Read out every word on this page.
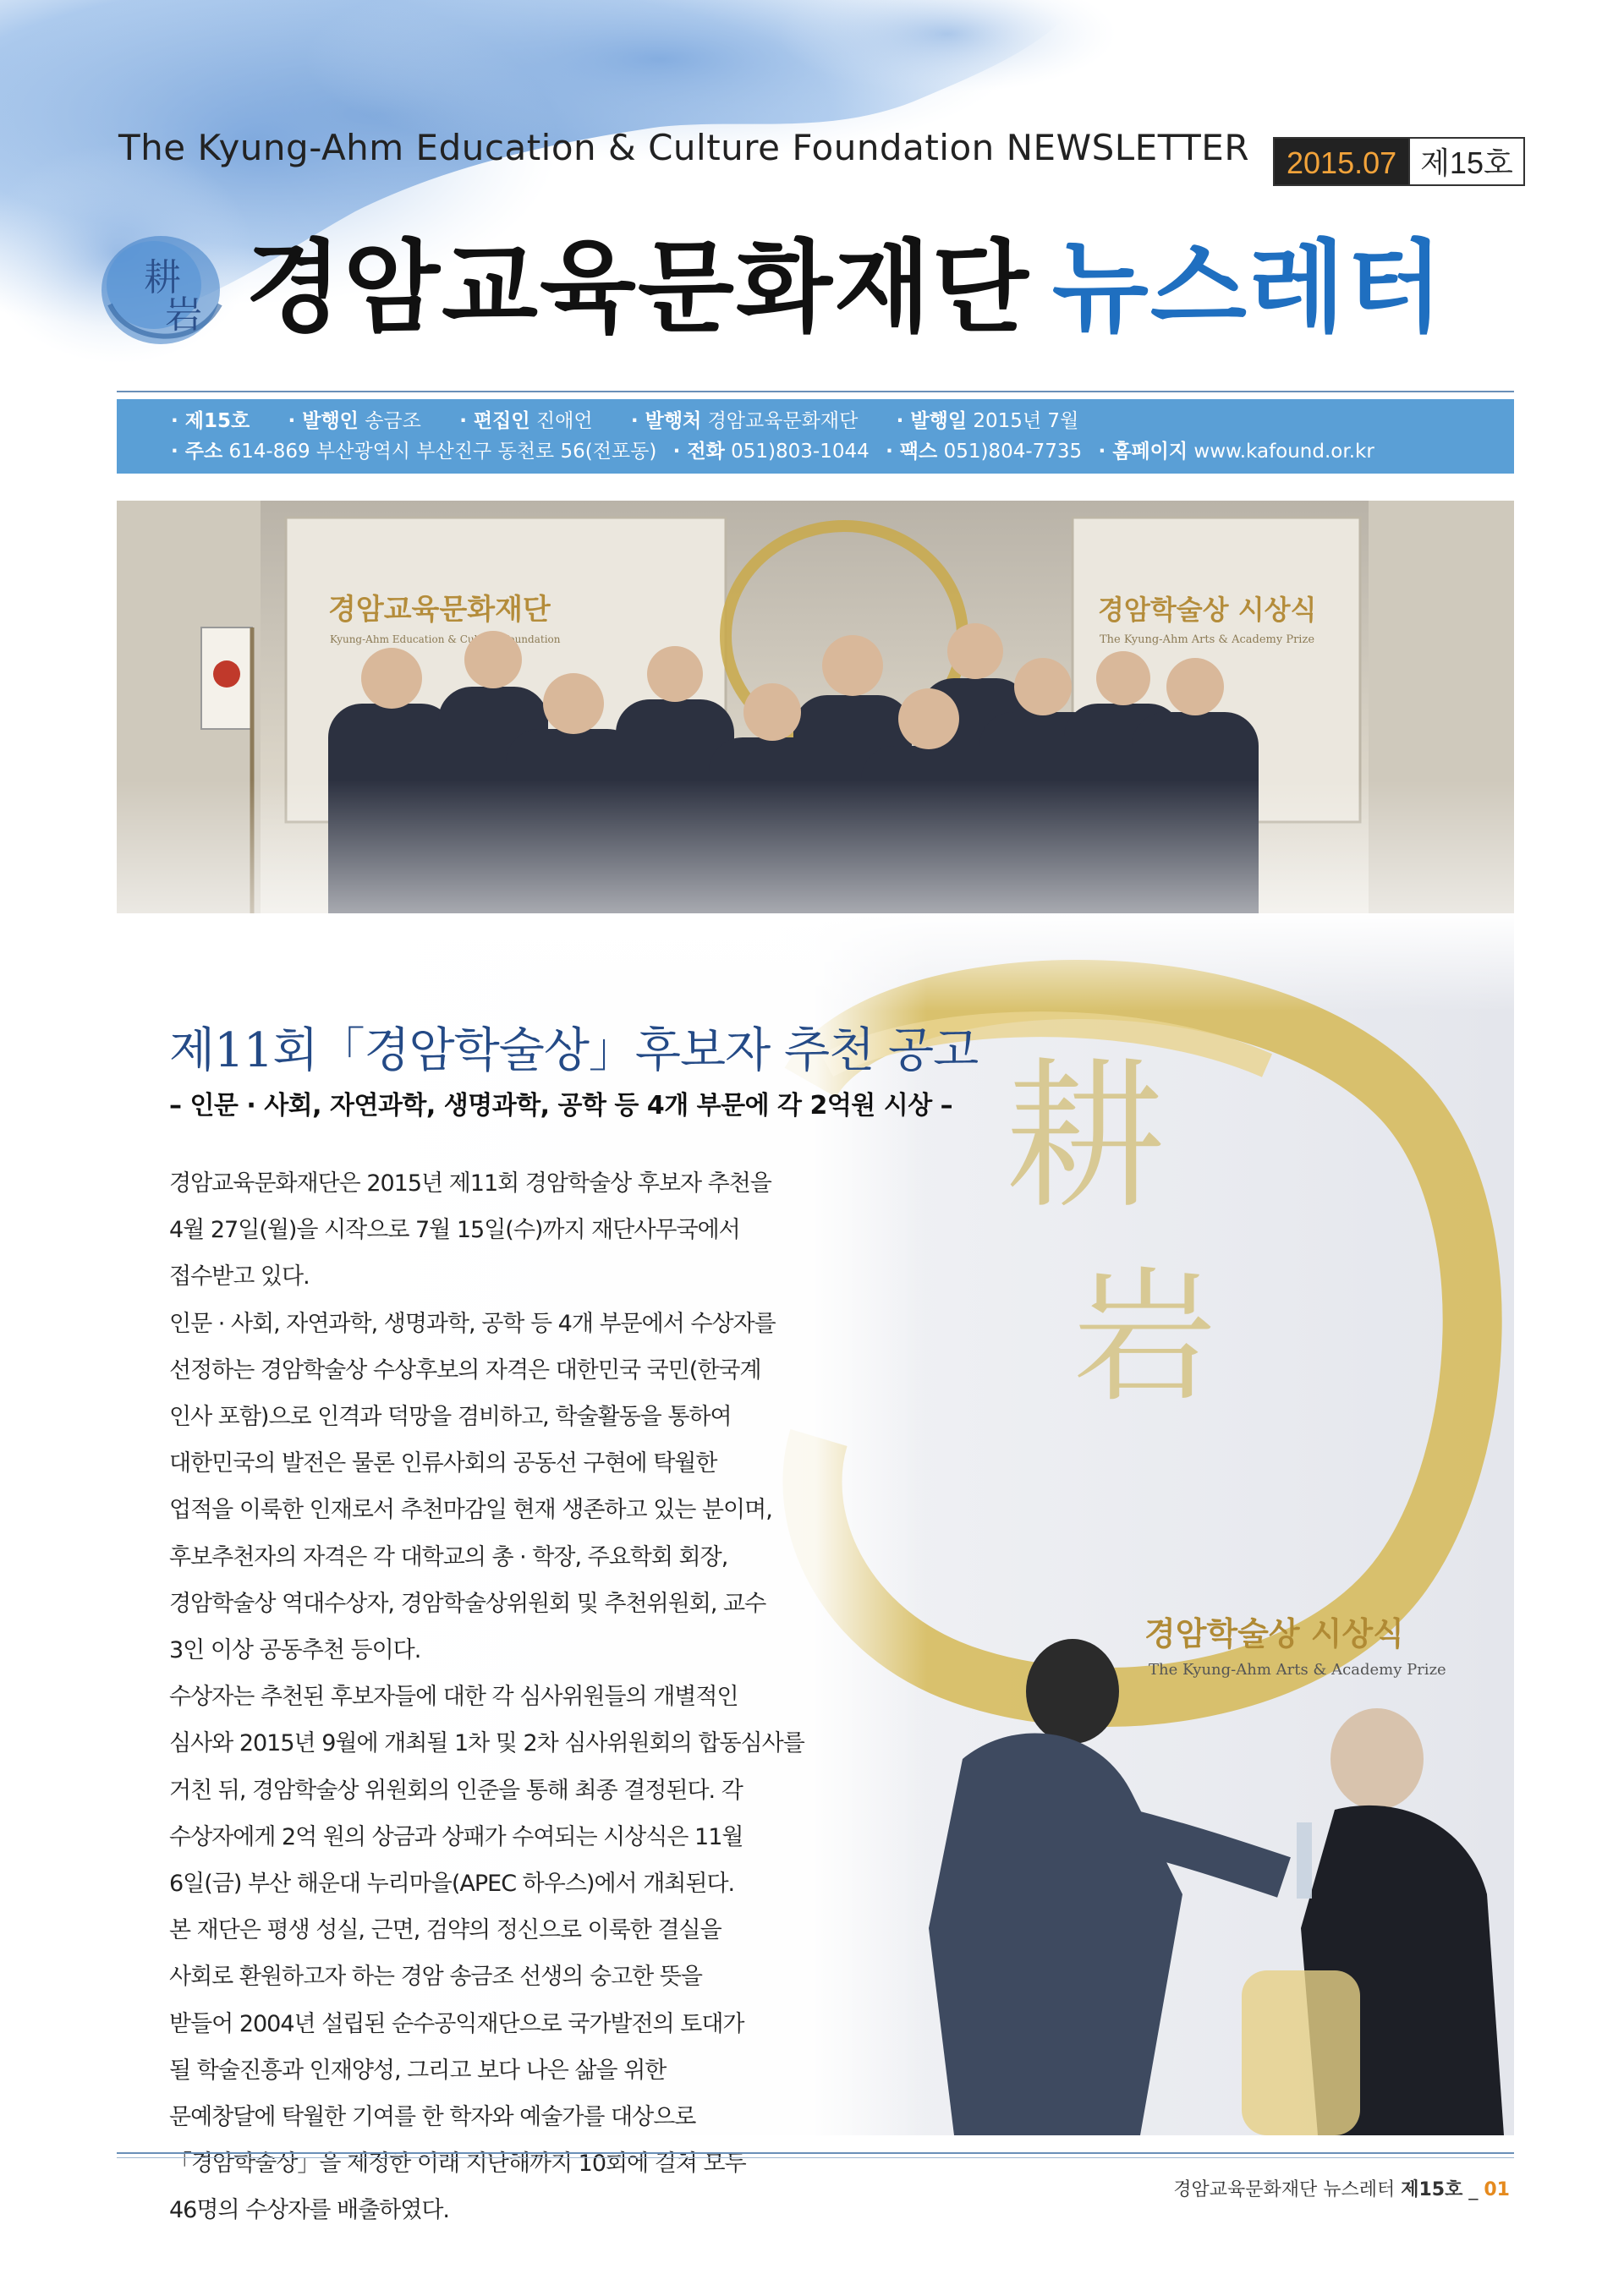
The Kyung-Ahm Education & Culture Foundation NEWSLETTER	2015.07 제15호
耕
岩 경암교육문화재단 뉴스레터
· 제15호 · 발행인 송금조 · 편집인 진애언 · 발행처 경암교육문화재단 · 발행일 2015년 7월
· 주소 614-869 부산광역시 부산진구 동천로 56(전포동) · 전화 051)803-1044 · 팩스 051)804-7735 · 홈페이지 www.kafound.or.kr
제11회「경암학술상」후보자 추천 공고
– 인문 · 사회, 자연과학, 생명과학, 공학 등 4개 부문에 각 2억원 시상 –

경암교육문화재단은 2015년 제11회 경암학술상 후보자 추천을

4월 27일(월)을 시작으로 7월 15일(수)까지 재단사무국에서

접수받고 있다.

인문 · 사회, 자연과학, 생명과학, 공학 등 4개 부문에서 수상자를

선정하는 경암학술상 수상후보의 자격은 대한민국 국민(한국계

인사 포함)으로 인격과 덕망을 겸비하고, 학술활동을 통하여

대한민국의 발전은 물론 인류사회의 공동선 구현에 탁월한

업적을 이룩한 인재로서 추천마감일 현재 생존하고 있는 분이며,

후보추천자의 자격은 각 대학교의 총 · 학장, 주요학회 회장,

경암학술상 역대수상자, 경암학술상위원회 및 추천위원회, 교수

3인 이상 공동추천 등이다.

수상자는 추천된 후보자들에 대한 각 심사위원들의 개별적인

심사와 2015년 9월에 개최될 1차 및 2차 심사위원회의 합동심사를

거친 뒤, 경암학술상 위원회의 인준을 통해 최종 결정된다. 각

수상자에게 2억 원의 상금과 상패가 수여되는 시상식은 11월

6일(금) 부산 해운대 누리마을(APEC 하우스)에서 개최된다.

본 재단은 평생 성실, 근면, 검약의 정신으로 이룩한 결실을

사회로 환원하고자 하는 경암 송금조 선생의 숭고한 뜻을

받들어 2004년 설립된 순수공익재단으로 국가발전의 토대가

될 학술진흥과 인재양성, 그리고 보다 나은 삶을 위한

문예창달에 탁월한 기여를 한 학자와 예술가를 대상으로

「경암학술상」을 제정한 이래 지난해까지 10회에 걸쳐 모두

46명의 수상자를 배출하였다.

경암교육문화재단 뉴스레터 제15호 _ 01
